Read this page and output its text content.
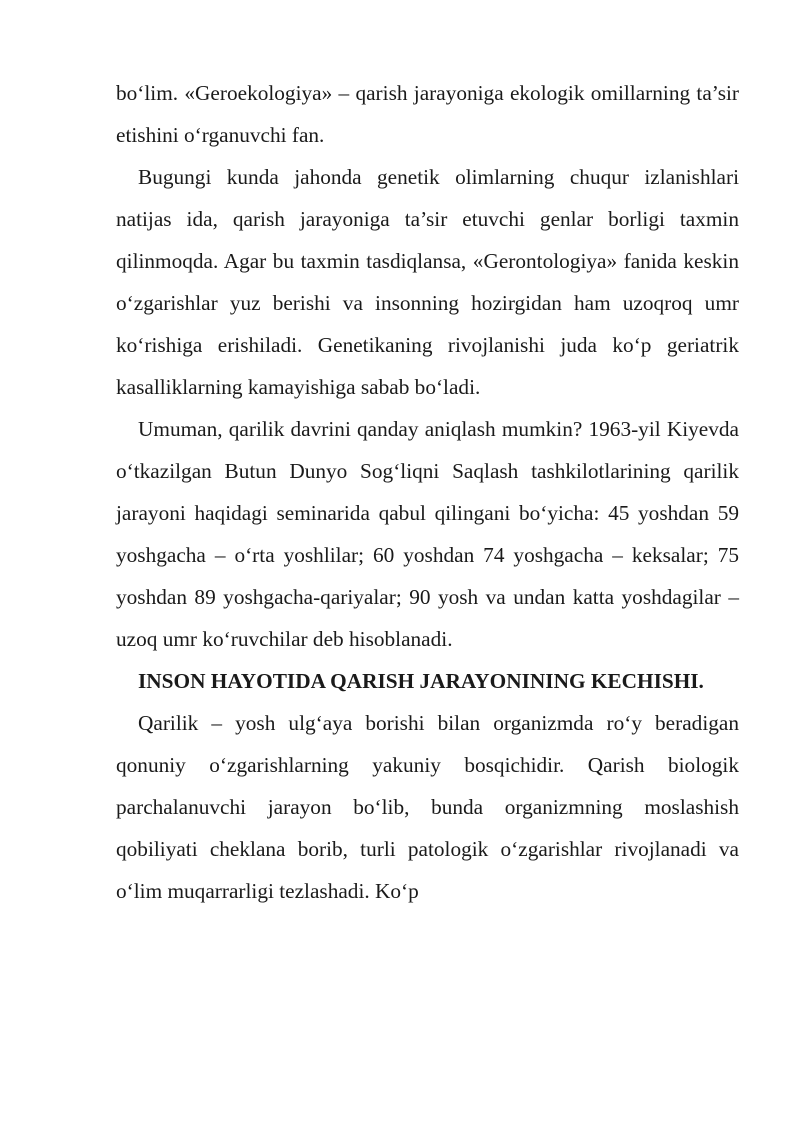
bo‘lim. «Geroekologiya» – qarish jarayoniga ekologik omillarning ta’sir etishini o‘rganuvchi fan.

Bugungi kunda jahonda genetik olimlarning chuqur izlanishlari natijas ida, qarish jarayoniga ta’sir etuvchi genlar borligi taxmin qilinmoqda. Agar bu taxmin tasdiqlansa, «Gerontologiya» fanida keskin o‘zgarishlar yuz berishi va insonning hozirgidan ham uzoqroq umr ko‘rishiga erishiladi. Genetikaning rivojlanishi juda ko‘p geriatrik kasalliklarning kamayishiga sabab bo‘ladi.

Umuman, qarilik davrini qanday aniqlash mumkin? 1963-yil Kiyevda o‘tkazilgan Butun Dunyo Sog‘liqni Saqlash tashkilotlarining qarilik jarayoni haqidagi seminarida qabul qilingani bo‘yicha: 45 yoshdan 59 yoshgacha – o‘rta yoshlilar; 60 yoshdan 74 yoshgacha – keksalar; 75 yoshdan 89 yoshgacha-qariyalar; 90 yosh va undan katta yoshdagilar – uzoq umr ko‘ruvchilar deb hisoblanadi.

INSON HAYOTIDA QARISH JARAYONINING KECHISHI.

Qarilik – yosh ulg‘aya borishi bilan organizmda ro‘y beradigan qonuniy o‘zgarishlarning yakuniy bosqichidir. Qarish biologik parchalanuvchi jarayon bo‘lib, bunda organizmning moslashish qobiliyati cheklana borib, turli patologik o‘zgarishlar rivojlanadi va o‘lim muqarrarligi tezlashadi. Ko‘p
